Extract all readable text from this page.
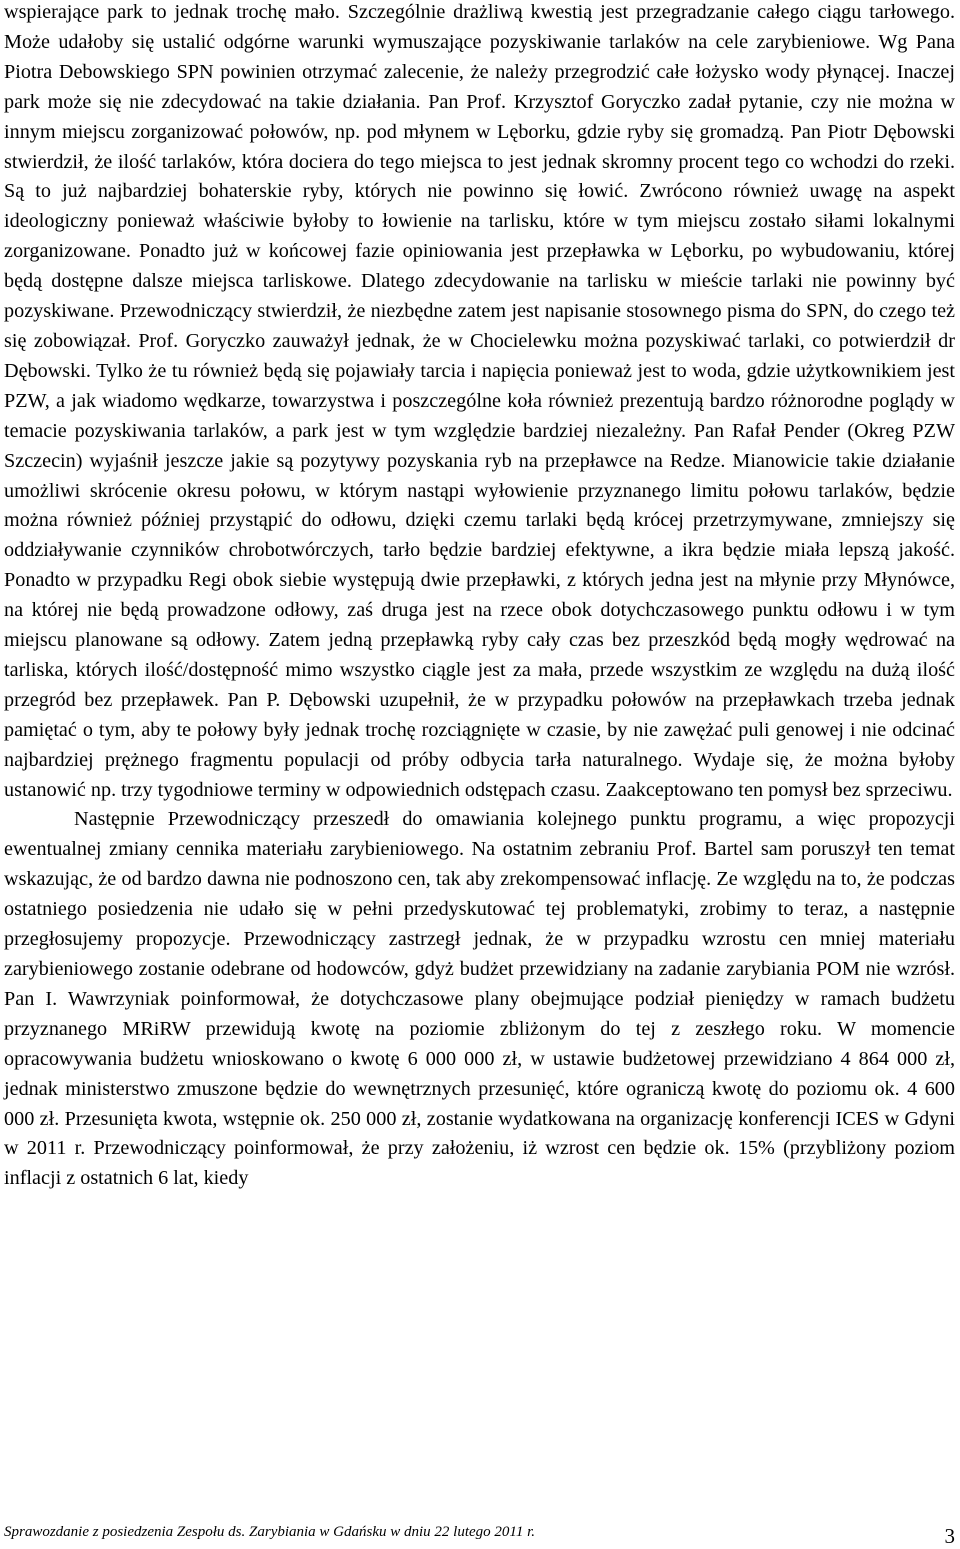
wspierające park to jednak trochę mało. Szczególnie drażliwą kwestią jest przegradzanie całego ciągu tarłowego. Może udałoby się ustalić odgórne warunki wymuszające pozyskiwanie tarlaków na cele zarybieniowe. Wg Pana Piotra Debowskiego SPN powinien otrzymać zalecenie, że należy przegrodzić całe łożysko wody płynącej. Inaczej park może się nie zdecydować na takie działania. Pan Prof. Krzysztof Goryczko zadał pytanie, czy nie można w innym miejscu zorganizować połowów, np. pod młynem w Lęborku, gdzie ryby się gromadzą. Pan Piotr Dębowski stwierdził, że ilość tarlaków, która dociera do tego miejsca to jest jednak skromny procent tego co wchodzi do rzeki. Są to już najbardziej bohaterskie ryby, których nie powinno się łowić. Zwrócono również uwagę na aspekt ideologiczny ponieważ właściwie byłoby to łowienie na tarlisku, które w tym miejscu zostało siłami lokalnymi zorganizowane. Ponadto już w końcowej fazie opiniowania jest przepławka w Lęborku, po wybudowaniu, której będą dostępne dalsze miejsca tarliskowe. Dlatego zdecydowanie na tarlisku w mieście tarlaki nie powinny być pozyskiwane. Przewodniczący stwierdził, że niezbędne zatem jest napisanie stosownego pisma do SPN, do czego też się zobowiązał. Prof. Goryczko zauważył jednak, że w Chocielewku można pozyskiwać tarlaki, co potwierdził dr Dębowski. Tylko że tu również będą się pojawiały tarcia i napięcia ponieważ jest to woda, gdzie użytkownikiem jest PZW, a jak wiadomo wędkarze, towarzystwa i poszczególne koła również prezentują bardzo różnorodne poglądy w temacie pozyskiwania tarlaków, a park jest w tym względzie bardziej niezależny. Pan Rafał Pender (Okreg PZW Szczecin) wyjaśnił jeszcze jakie są pozytywy pozyskania ryb na przepławce na Redze. Mianowicie takie działanie umożliwi skrócenie okresu połowu, w którym nastąpi wyłowienie przyznanego limitu połowu tarlaków, będzie można również później przystąpić do odłowu, dzięki czemu tarlaki będą krócej przetrzymywane, zmniejszy się oddziaływanie czynników chrobotwórczych, tarło będzie bardziej efektywne, a ikra będzie miała lepszą jakość. Ponadto w przypadku Regi obok siebie występują dwie przepławki, z których jedna jest na młynie przy Młynówce, na której nie będą prowadzone odłowy, zaś druga jest na rzece obok dotychczasowego punktu odłowu i w tym miejscu planowane są odłowy. Zatem jedną przepławką ryby cały czas bez przeszkód będą mogły wędrować na tarliska, których ilość/dostępność mimo wszystko ciągle jest za mała, przede wszystkim ze względu na dużą ilość przegród bez przepławek. Pan P. Dębowski uzupełnił, że w przypadku połowów na przepławkach trzeba jednak pamiętać o tym, aby te połowy były jednak trochę rozciągnięte w czasie, by nie zawężać puli genowej i nie odcinać najbardziej prężnego fragmentu populacji od próby odbycia tarła naturalnego. Wydaje się, że można byłoby ustanowić np. trzy tygodniowe terminy w odpowiednich odstępach czasu. Zaakceptowano ten pomysł bez sprzeciwu.

Następnie Przewodniczący przeszedł do omawiania kolejnego punktu programu, a więc propozycji ewentualnej zmiany cennika materiału zarybieniowego. Na ostatnim zebraniu Prof. Bartel sam poruszył ten temat wskazując, że od bardzo dawna nie podnoszono cen, tak aby zrekompensować inflację. Ze względu na to, że podczas ostatniego posiedzenia nie udało się w pełni przedyskutować tej problematyki, zrobimy to teraz, a następnie przegłosujemy propozycje. Przewodniczący zastrzegł jednak, że w przypadku wzrostu cen mniej materiału zarybieniowego zostanie odebrane od hodowców, gdyż budżet przewidziany na zadanie zarybiania POM nie wzrósł. Pan I. Wawrzyniak poinformował, że dotychczasowe plany obejmujące podział pieniędzy w ramach budżetu przyznanego MRiRW przewidują kwotę na poziomie zbliżonym do tej z zeszłego roku. W momencie opracowywania budżetu wnioskowano o kwotę 6 000 000 zł, w ustawie budżetowej przewidziano 4 864 000 zł, jednak ministerstwo zmuszone będzie do wewnętrznych przesunięć, które ograniczą kwotę do poziomu ok. 4 600 000 zł. Przesunięta kwota, wstępnie ok. 250 000 zł, zostanie wydatkowana na organizację konferencji ICES w Gdyni w 2011 r. Przewodniczący poinformował, że przy założeniu, iż wzrost cen będzie ok. 15% (przybliżony poziom inflacji z ostatnich 6 lat, kiedy

Sprawozdanie z posiedzenia Zespołu ds. Zarybiania w Gdańsku w dniu 22 lutego 2011 r.	3
